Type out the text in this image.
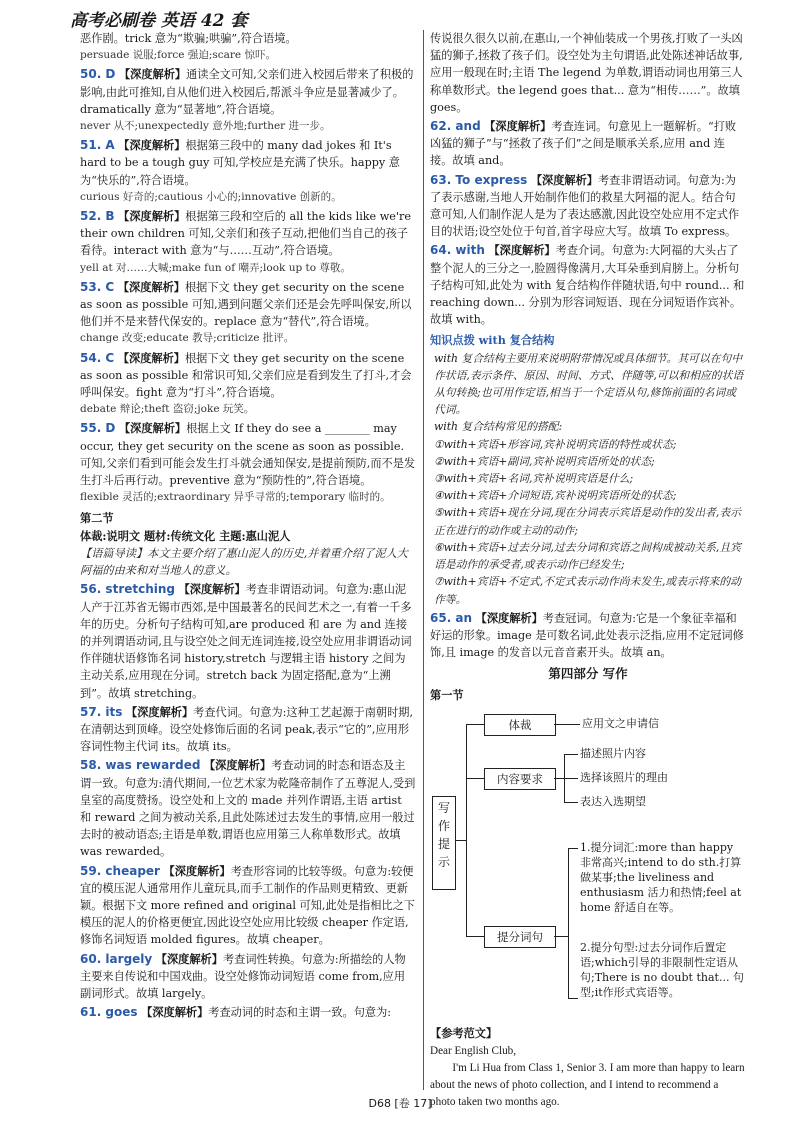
高考必刷卷 英语 42 套

恶作剧。trick 意为“欺骗;哄骗”,符合语境。

persuade 说服;force 强迫;scare 惊吓。

50. D 【深度解析】通读全文可知,父亲们进入校园后带来了积极的影响,由此可推知,自从他们进入校园后,帮派斗争应是显著减少了。dramatically 意为“显著地”,符合语境。

never 从不;unexpectedly 意外地;further 进一步。

51. A 【深度解析】根据第三段中的 many dad jokes 和 It's hard to be a tough guy 可知,学校应是充满了快乐。happy 意为“快乐的”,符合语境。

curious 好奇的;cautious 小心的;innovative 创新的。

52. B 【深度解析】根据第三段和空后的 all the kids like we're their own children 可知,父亲们和孩子互动,把他们当自己的孩子看待。interact with 意为“与……互动”,符合语境。

yell at 对……大喊;make fun of 嘲弄;look up to 尊敬。

53. C 【深度解析】根据下文 they get security on the scene as soon as possible 可知,遇到问题父亲们还是会先呼叫保安,所以他们并不是来替代保安的。replace 意为“替代”,符合语境。

change 改变;educate 教导;criticize 批评。

54. C 【深度解析】根据下文 they get security on the scene as soon as possible 和常识可知,父亲们应是看到发生了打斗,才会呼叫保安。fight 意为“打斗”,符合语境。

debate 辩论;theft 盗窃;joke 玩笑。

55. D 【深度解析】根据上文 If they do see a ________ may occur, they get security on the scene as soon as possible. 可知,父亲们看到可能会发生打斗就会通知保安,是提前预防,而不是发生打斗后再行动。preventive 意为“预防性的”,符合语境。

flexible 灵活的;extraordinary 异乎寻常的;temporary 临时的。

第二节

体裁:说明文 题材:传统文化 主题:惠山泥人

【语篇导读】本文主要介绍了惠山泥人的历史,并着重介绍了泥人大阿福的由来和对当地人的意义。

56. stretching 【深度解析】考查非谓语动词。句意为:惠山泥人产于江苏省无锡市西郊,是中国最著名的民间艺术之一,有着一千多年的历史。分析句子结构可知,are produced 和 are 为 and 连接的并列谓语动词,且与设空处之间无连词连接,设空处应用非谓语动词作伴随状语修饰名词 history,stretch 与逻辑主语 history 之间为主动关系,应用现在分词。stretch back 为固定搭配,意为“上溯到”。故填 stretching。

57. its 【深度解析】考查代词。句意为:这种工艺起源于南朝时期,在清朝达到顶峰。设空处修饰后面的名词 peak,表示“它的”,应用形容词性物主代词 its。故填 its。

58. was rewarded 【深度解析】考查动词的时态和语态及主谓一致。句意为:清代期间,一位艺术家为乾隆帝制作了五尊泥人,受到皇室的高度赞扬。设空处和上文的 made 并列作谓语,主语 artist 和 reward 之间为被动关系,且此处陈述过去发生的事情,应用一般过去时的被动语态;主语是单数,谓语也应用第三人称单数形式。故填 was rewarded。

59. cheaper 【深度解析】考查形容词的比较等级。句意为:较便宜的模压泥人通常用作儿童玩具,而手工制作的作品则更精致、更新颖。根据下文 more refined and original 可知,此处是指相比之下模压的泥人的价格更便宜,因此设空处应用比较级 cheaper 作定语,修饰名词短语 molded figures。故填 cheaper。

60. largely 【深度解析】考查词性转换。句意为:所描绘的人物主要来自传说和中国戏曲。设空处修饰动词短语 come from,应用副词形式。故填 largely。

61. goes 【深度解析】考查动词的时态和主谓一致。句意为:

传说很久很久以前,在惠山,一个神仙装成一个男孩,打败了一头凶猛的狮子,拯救了孩子们。设空处为主句谓语,此处陈述神话故事,应用一般现在时;主语 The legend 为单数,谓语动词也用第三人称单数形式。the legend goes that... 意为“相传……”。故填 goes。

62. and 【深度解析】考查连词。句意见上一题解析。“打败凶猛的狮子”与“拯救了孩子们”之间是顺承关系,应用 and 连接。故填 and。

63. To express 【深度解析】考查非谓语动词。句意为:为了表示感谢,当地人开始制作他们的救星大阿福的泥人。结合句意可知,人们制作泥人是为了表达感激,因此设空处应用不定式作目的状语;设空处位于句首,首字母应大写。故填 To express。

64. with 【深度解析】考查介词。句意为:大阿福的大头占了整个泥人的三分之一,脸圆得像满月,大耳朵垂到肩膀上。分析句子结构可知,此处为 with 复合结构作伴随状语,句中 round... 和 reaching down... 分别为形容词短语、现在分词短语作宾补。故填 with。

知识点拨 with 复合结构

with 复合结构主要用来说明附带情况或具体细节。其可以在句中作状语,表示条件、原因、时间、方式、伴随等,可以和相应的状语从句转换;也可用作定语,相当于一个定语从句,修饰前面的名词或代词。

with 复合结构常见的搭配:

①with+宾语+形容词,宾补说明宾语的特性或状态;

②with+宾语+副词,宾补说明宾语所处的状态;

③with+宾语+名词,宾补说明宾语是什么;

④with+宾语+介词短语,宾补说明宾语所处的状态;

⑤with+宾语+现在分词,现在分词表示宾语是动作的发出者,表示正在进行的动作或主动的动作;

⑥with+宾语+过去分词,过去分词和宾语之间构成被动关系,且宾语是动作的承受者,或表示动作已经发生;

⑦with+宾语+不定式,不定式表示动作尚未发生,或表示将来的动作等。

65. an 【深度解析】考查冠词。句意为:它是一个象征幸福和好运的形象。image 是可数名词,此处表示泛指,应用不定冠词修饰,且 image 的发音以元音音素开头。故填 an。

第四部分 写作

第一节

写作提示
体裁
内容要求
提分词句
应用文之申请信
描述照片内容
选择该照片的理由
表达入选期望
1.提分词汇:more than happy 非常高兴;intend to do sth.打算做某事;the liveliness and enthusiasm 活力和热情;feel at home 舒适自在等。
2.提分句型:过去分词作后置定语;which引导的非限制性定语从句;There is no doubt that... 句型;it作形式宾语等。

【参考范文】

Dear English Club,

I'm Li Hua from Class 1, Senior 3. I am more than happy to learn about the news of photo collection, and I intend to recommend a photo taken two months ago.

D68 [卷 17]
